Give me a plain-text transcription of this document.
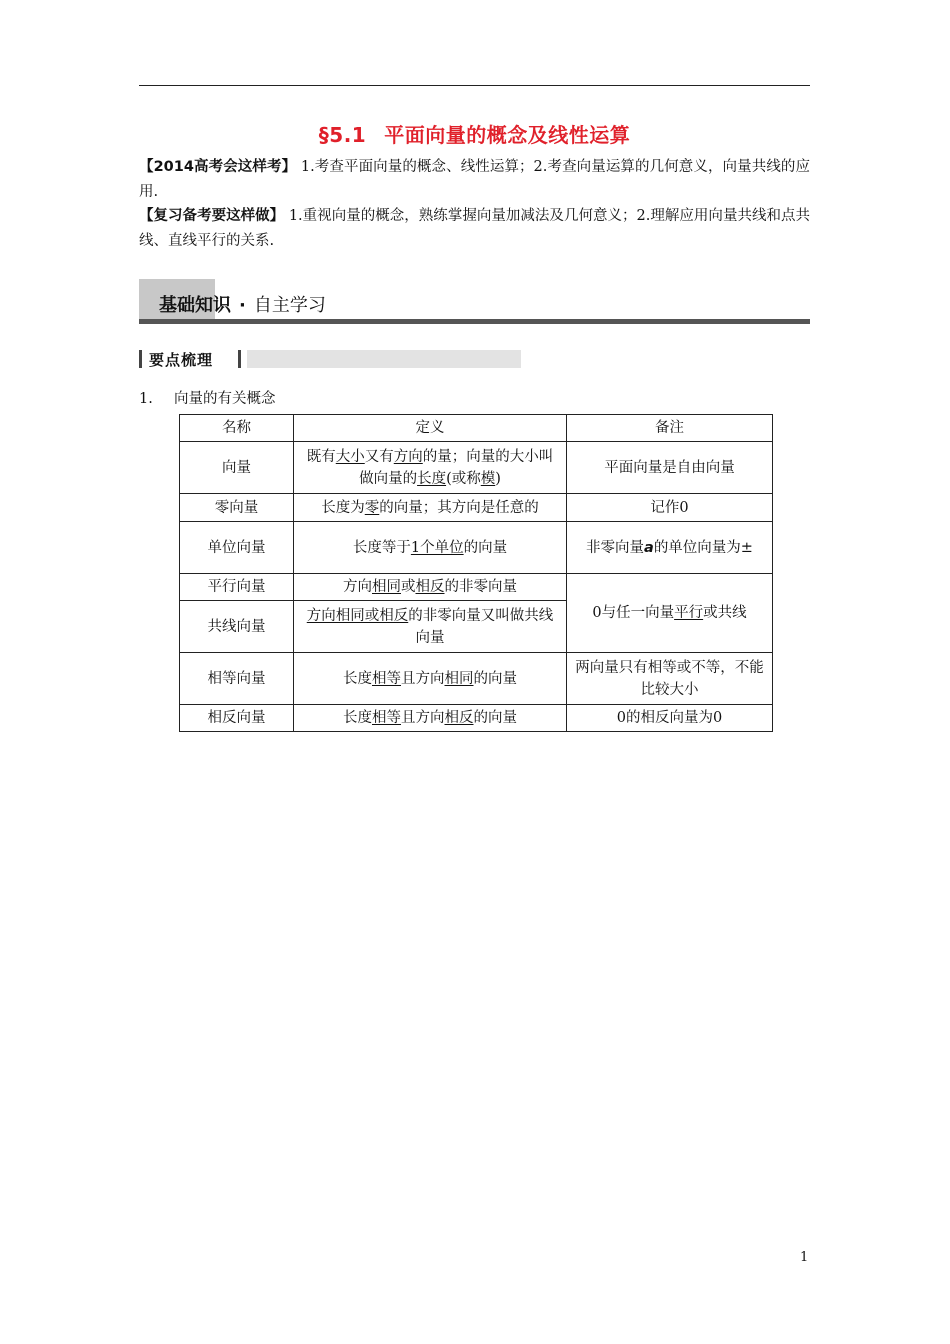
§5.1 平面向量的概念及线性运算
【2014高考会这样考】 1.考查平面向量的概念、线性运算；2.考查向量运算的几何意义，向量共线的应用.
【复习备考要这样做】 1.重视向量的概念，熟练掌握向量加减法及几何意义；2.理解应用向量共线和点共线、直线平行的关系.
基础知识 · 自主学习
要点梳理
1. 向量的有关概念
名称	定义	备注
向量	既有大小又有方向的量；向量的大小叫做向量的长度(或称模)	平面向量是自由向量
零向量	长度为零的向量；其方向是任意的	记作0
单位向量	长度等于1个单位的向量	非零向量a的单位向量为±
平行向量	方向相同或相反的非零向量	0与任一向量平行或共线
共线向量	方向相同或相反的非零向量又叫做共线向量	
相等向量	长度相等且方向相同的向量	两向量只有相等或不等，不能比较大小
相反向量	长度相等且方向相反的向量	0的相反向量为0
1
